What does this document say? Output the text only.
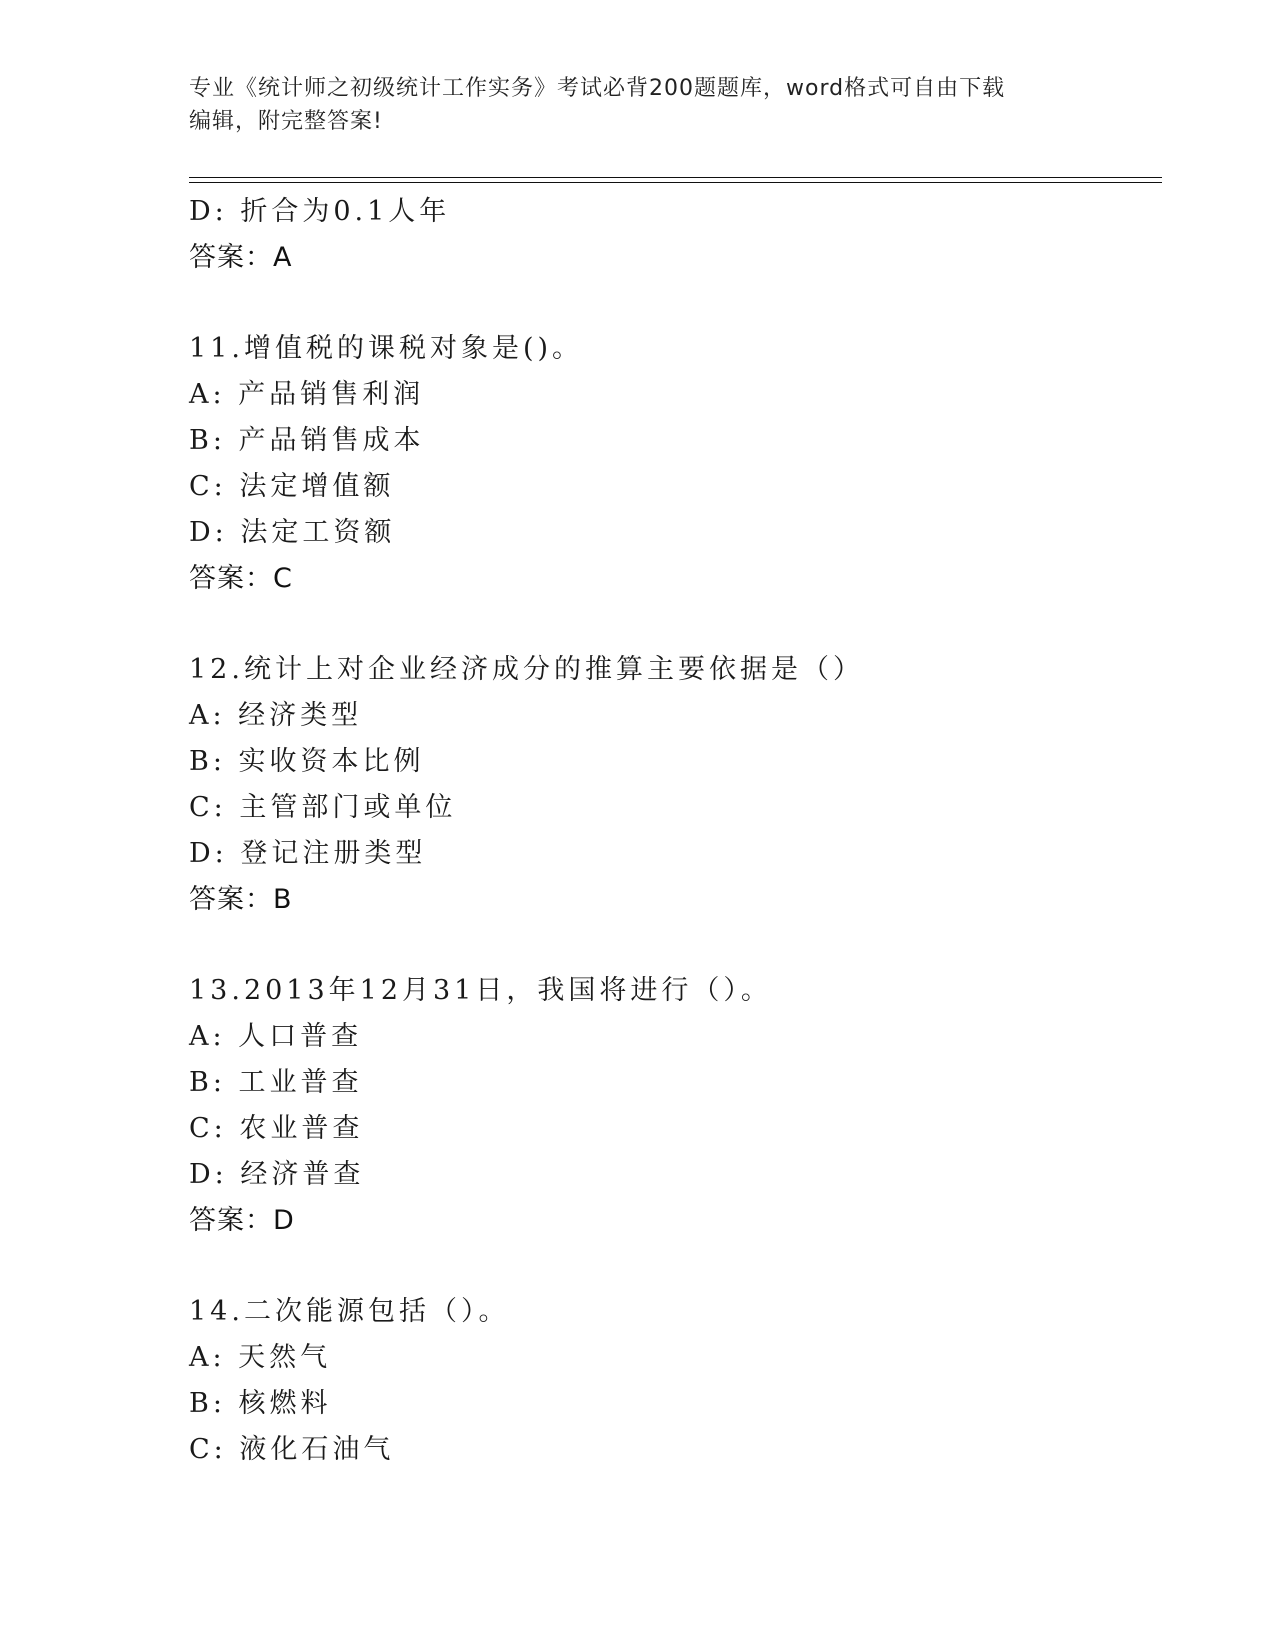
专业《统计师之初级统计工作实务》考试必背200题题库，word格式可自由下载
编辑，附完整答案!
D: 折合为0.1人年
答案：A
11.增值税的课税对象是()。
A: 产品销售利润
B: 产品销售成本
C: 法定增值额
D: 法定工资额
答案：C
12.统计上对企业经济成分的推算主要依据是（）
A: 经济类型
B: 实收资本比例
C: 主管部门或单位
D: 登记注册类型
答案：B
13.2013年12月31日，我国将进行（）。
A: 人口普查
B: 工业普查
C: 农业普查
D: 经济普查
答案：D
14.二次能源包括（）。
A: 天然气
B: 核燃料
C: 液化石油气
